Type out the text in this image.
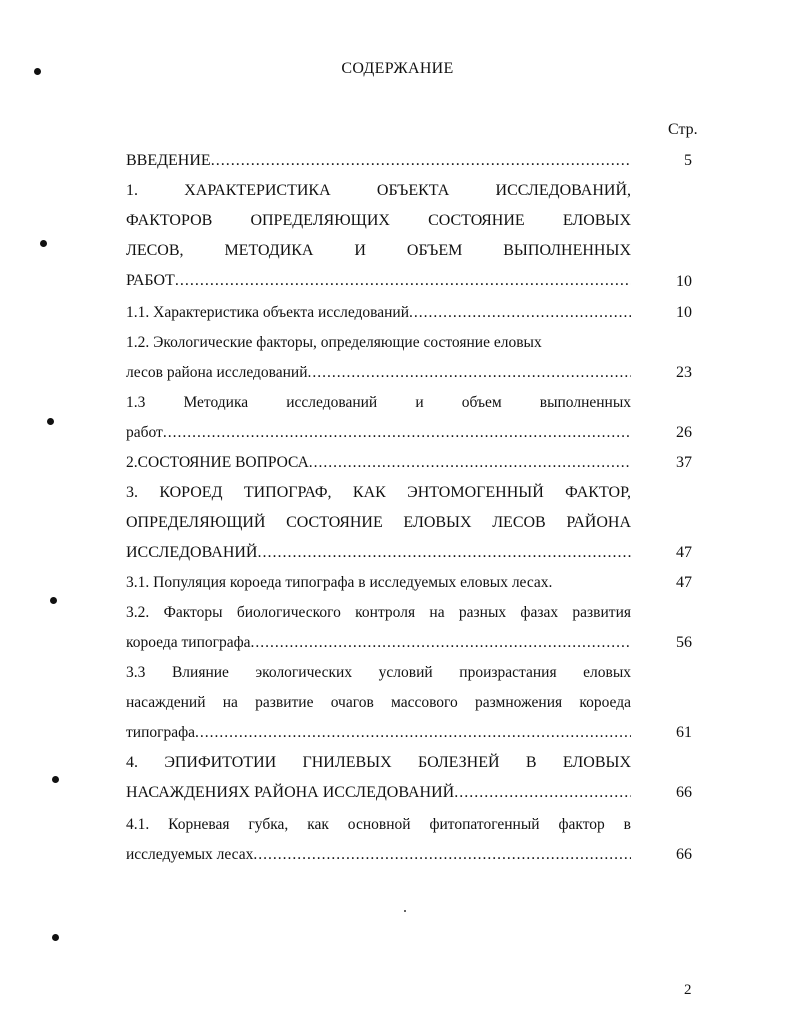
СОДЕРЖАНИЕ
Стр.
ВВЕДЕНИЕ
.....
1. ХАРАКТЕРИСТИКА ОБЪЕКТА ИССЛЕДОВАНИЙ,
ФАКТОРОВ ОПРЕДЕЛЯЮЩИХ СОСТОЯНИЕ ЕЛОВЫХ
ЛЕСОВ, МЕТОДИКА И ОБЪЕМ ВЫПОЛНЕННЫХ
РАБОТ
.....
1.1. Характеристика объекта исследований
.....
1.2. Экологические факторы, определяющие состояние еловых
лесов района исследований
.....
1.3 Методика исследований и объем выполненных
работ
.....
2.СОСТОЯНИЕ ВОПРОСА
.....
3. КОРОЕД ТИПОГРАФ, КАК ЭНТОМОГЕННЫЙ ФАКТОР,
ОПРЕДЕЛЯЮЩИЙ СОСТОЯНИЕ ЕЛОВЫХ ЛЕСОВ РАЙОНА
ИССЛЕДОВАНИЙ
.....
3.1. Популяция короеда типографа в исследуемых еловых лесах.
3.2. Факторы биологического контроля на разных фазах развития
короеда типографа
.....
3.3 Влияние экологических условий произрастания еловых
насаждений на развитие очагов массового размножения короеда
типографа
.....
4. ЭПИФИТОТИИ ГНИЛЕВЫХ БОЛЕЗНЕЙ В ЕЛОВЫХ
НАСАЖДЕНИЯХ РАЙОНА ИССЛЕДОВАНИЙ
.....
4.1. Корневая губка, как основной фитопатогенный фактор в
исследуемых лесах
.....
5
10
10
23
26
37
47
47
56
61
66
66
2
